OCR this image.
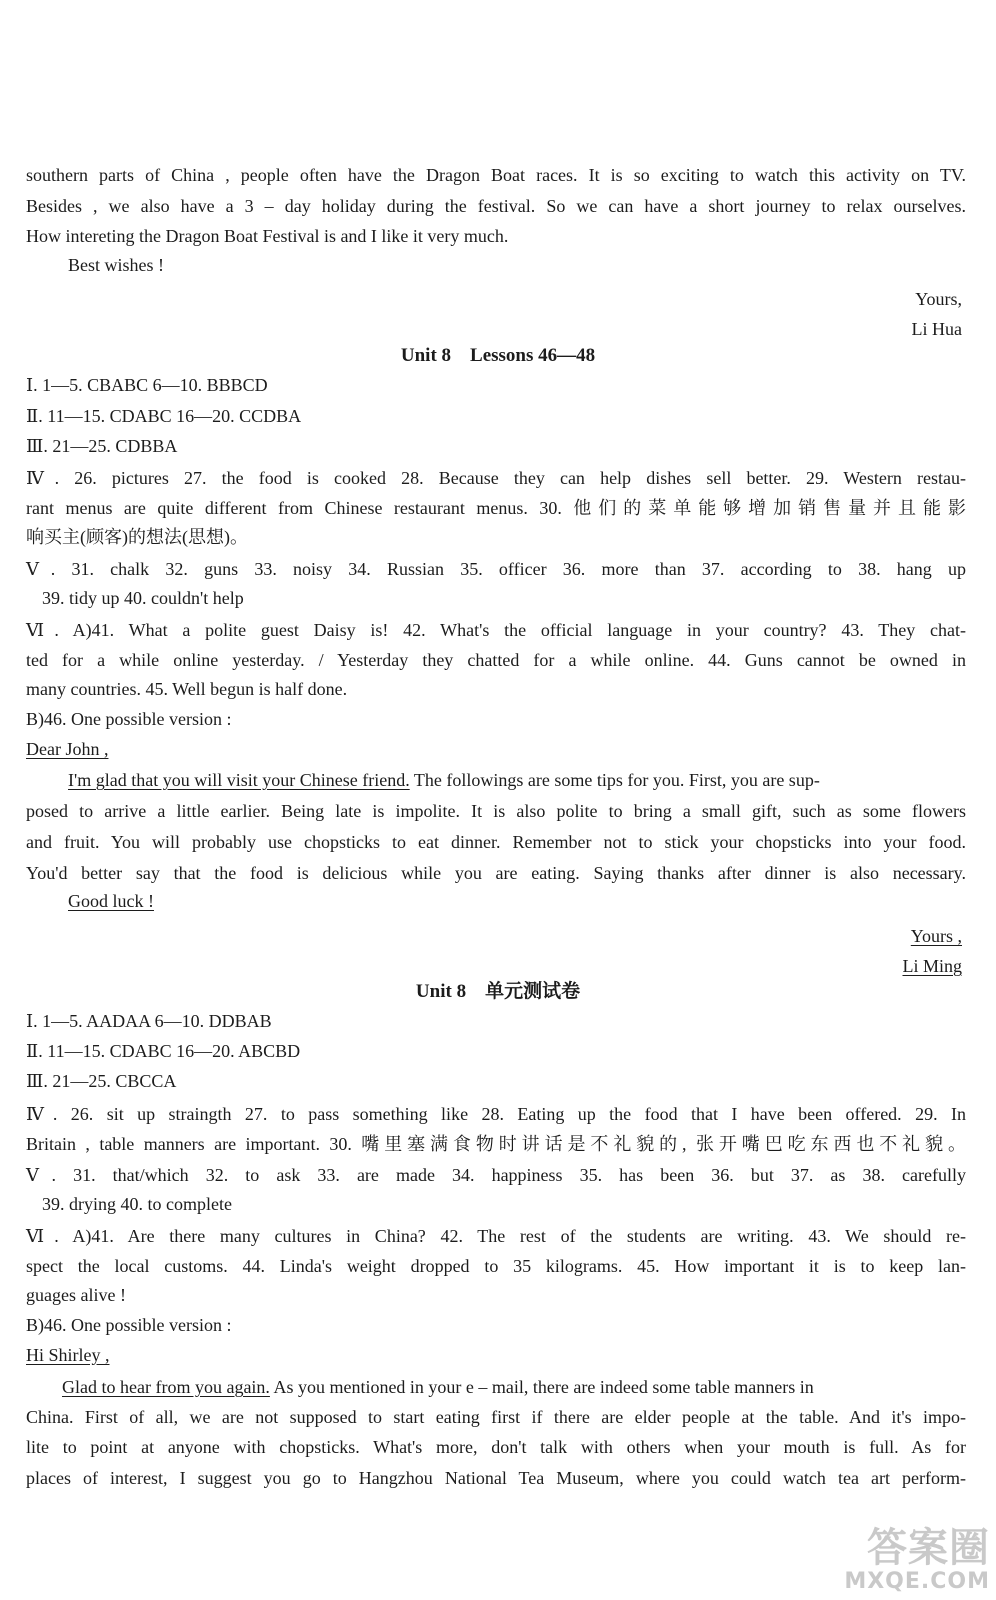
southern parts of China , people often have the Dragon Boat races. It is so exciting to watch this activity on TV.
Besides , we also have a 3 – day holiday during the festival. So we can have a short journey to relax ourselves.
How intereting the Dragon Boat Festival is and I like it very much.
Best wishes !
Yours,
Li Hua
Unit 8    Lessons 46—48
Ⅰ. 1—5. CBABC 6—10. BBBCD
Ⅱ. 11—15. CDABC 16—20. CCDBA
Ⅲ. 21—25. CDBBA
Ⅳ. 26. pictures 27. the food is cooked 28. Because they can help dishes sell better. 29. Western restau-
rant menus are quite different from Chinese restaurant menus. 30. 他们的菜单能够增加销售量并且能影
响买主(顾客)的想法(思想)。
Ⅴ. 31. chalk 32. guns 33. noisy 34. Russian 35. officer 36. more than 37. according to 38. hang up
39. tidy up 40. couldn't help
Ⅵ. A)41. What a polite guest Daisy is! 42. What's the official language in your country? 43. They chat-
ted for a while online yesterday. / Yesterday they chatted for a while online. 44. Guns cannot be owned in
many countries. 45. Well begun is half done.
B)46. One possible version :
Dear John ,
I'm glad that you will visit your Chinese friend. The followings are some tips for you. First, you are sup-
posed to arrive a little earlier. Being late is impolite. It is also polite to bring a small gift, such as some flowers
and fruit. You will probably use chopsticks to eat dinner. Remember not to stick your chopsticks into your food.
You'd better say that the food is delicious while you are eating. Saying thanks after dinner is also necessary.
Good luck !
Yours ,
Li Ming
Unit 8    单元测试卷
Ⅰ. 1—5. AADAA 6—10. DDBAB
Ⅱ. 11—15. CDABC 16—20. ABCBD
Ⅲ. 21—25. CBCCA
Ⅳ. 26. sit up straingth 27. to pass something like 28. Eating up the food that I have been offered. 29. In
Britain , table manners are important. 30. 嘴里塞满食物时讲话是不礼貌的, 张开嘴巴吃东西也不礼貌。
Ⅴ. 31. that/which 32. to ask 33. are made 34. happiness 35. has been 36. but 37. as 38. carefully
39. drying 40. to complete
Ⅵ. A)41. Are there many cultures in China? 42. The rest of the students are writing. 43. We should re-
spect the local customs. 44. Linda's weight dropped to 35 kilograms. 45. How important it is to keep lan-
guages alive !
B)46. One possible version :
Hi Shirley ,
Glad to hear from you again. As you mentioned in your e – mail, there are indeed some table manners in
China. First of all, we are not supposed to start eating first if there are elder people at the table. And it's impo-
lite to point at anyone with chopsticks. What's more, don't talk with others when your mouth is full. As for
places of interest, I suggest you go to Hangzhou National Tea Museum, where you could watch tea art perform-
答案圈
MXQE.COM
